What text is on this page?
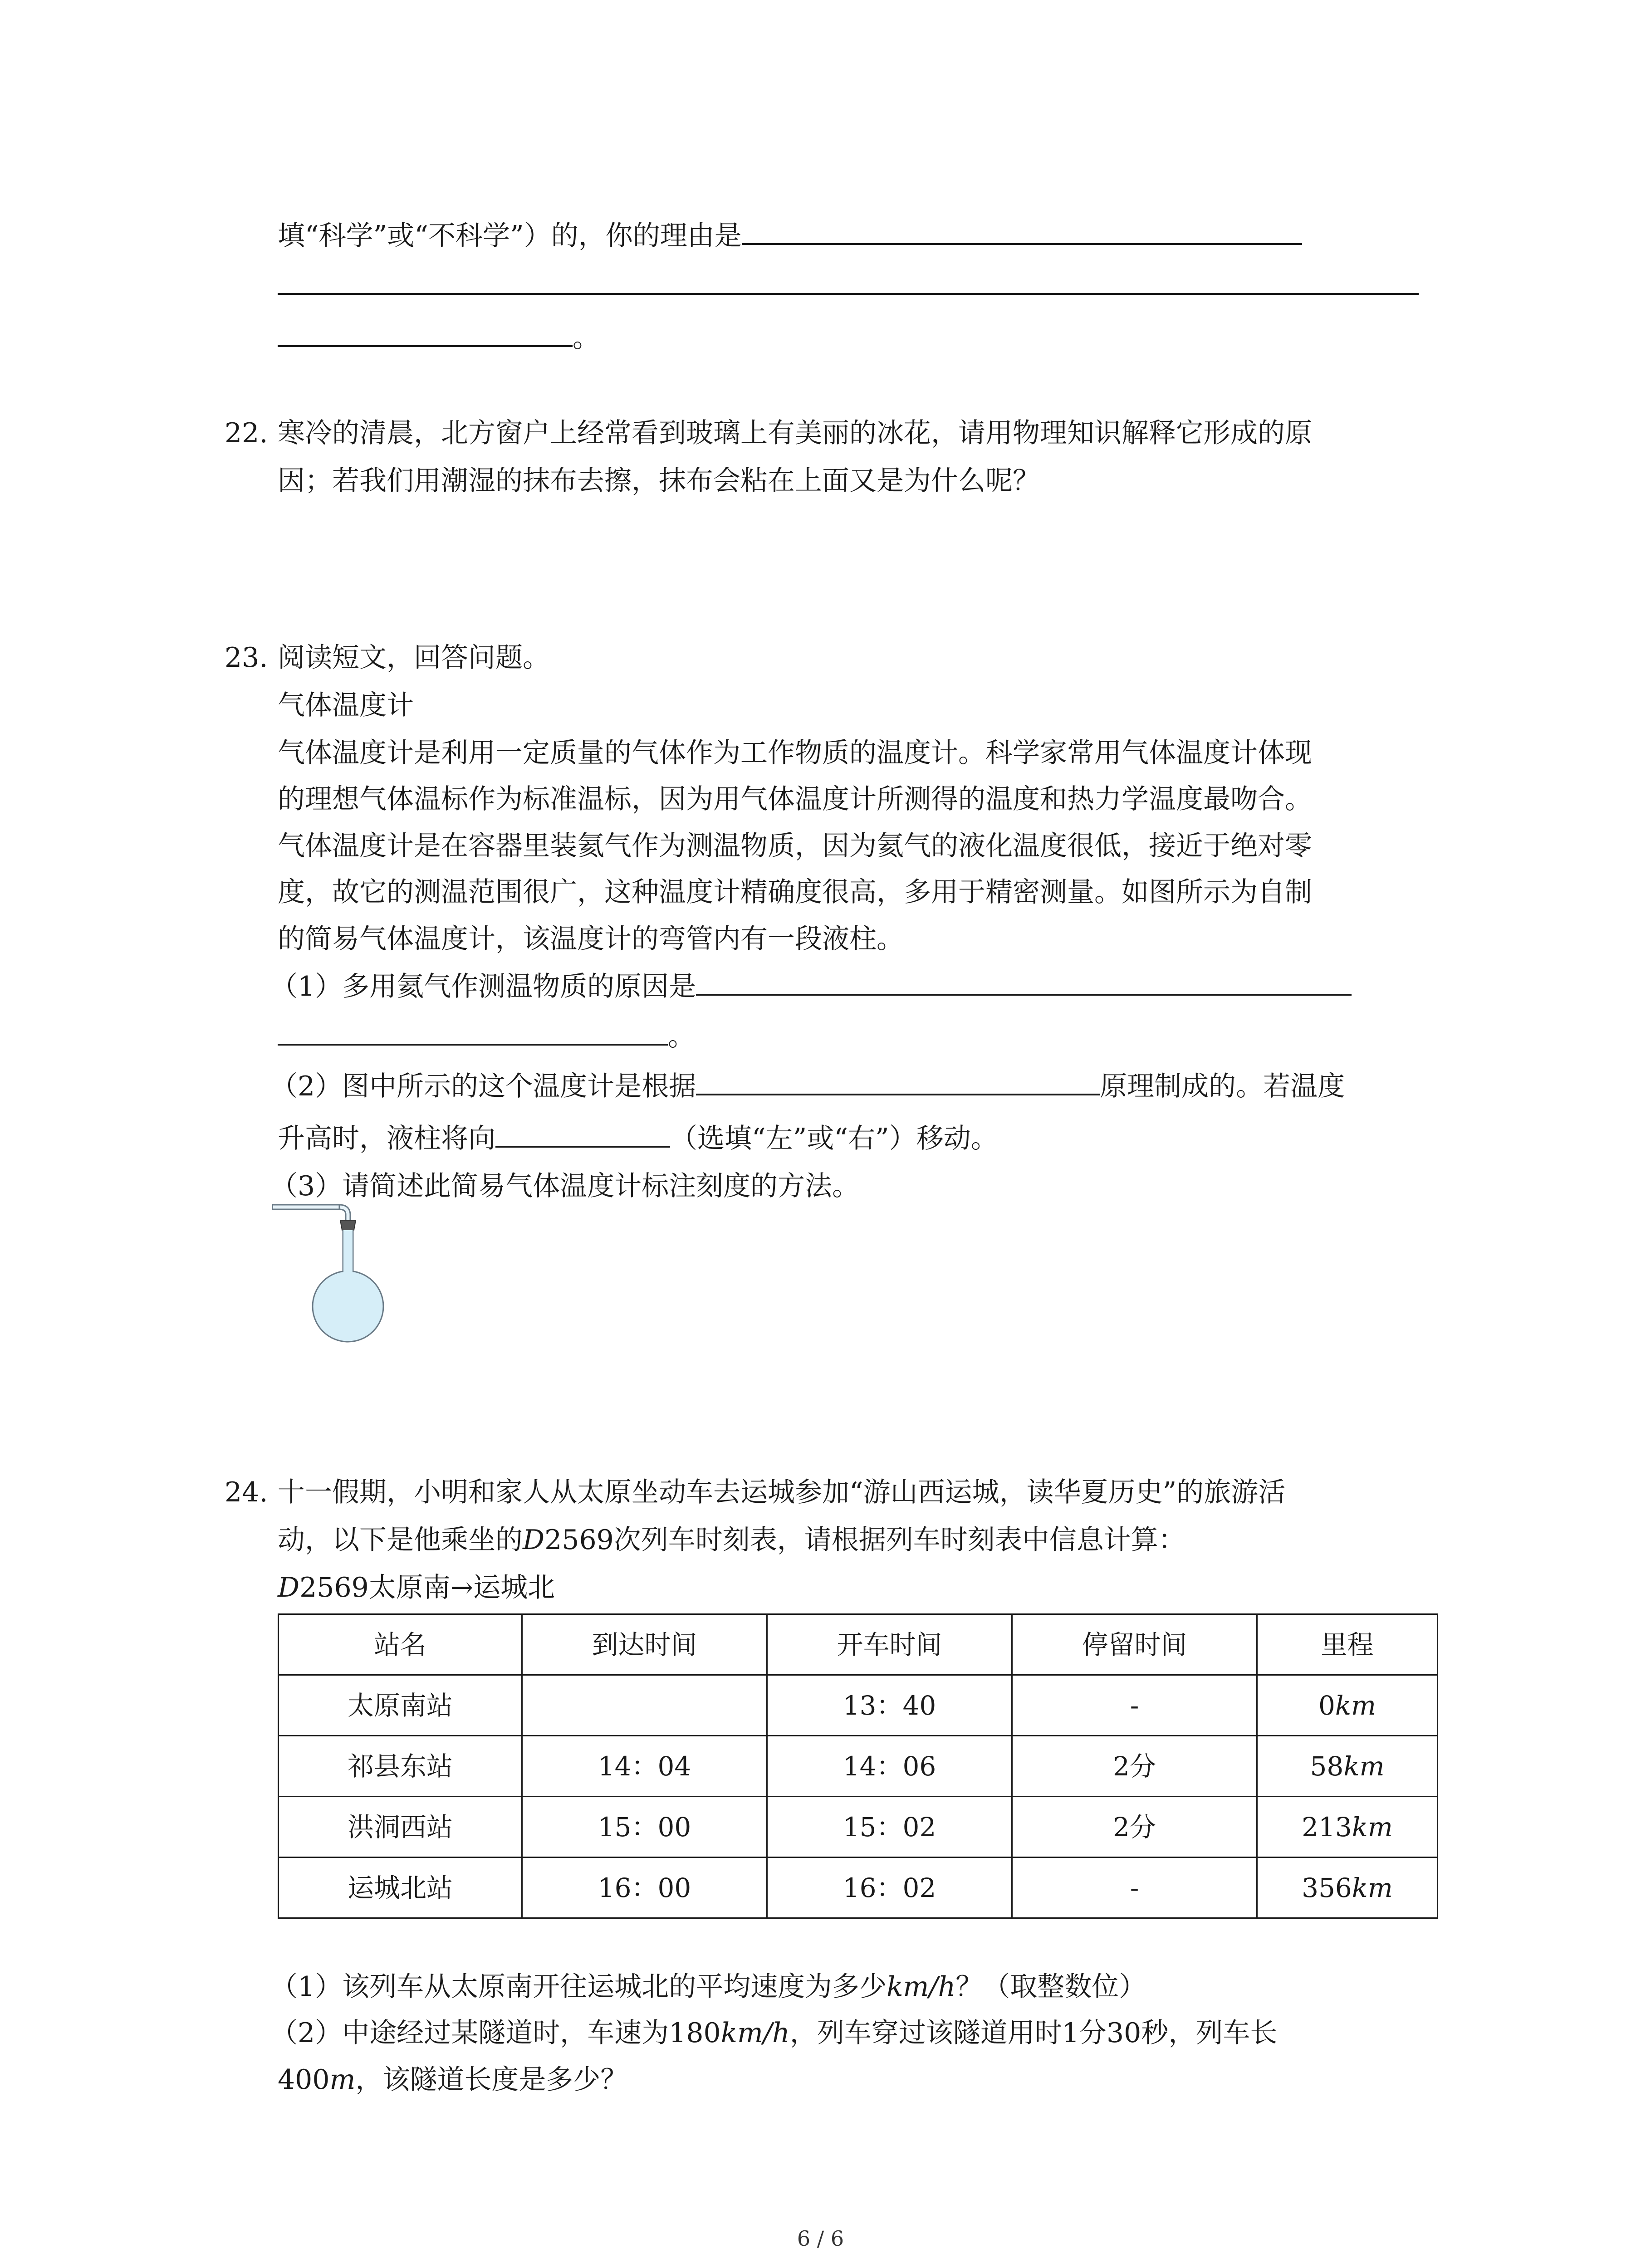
填“科学”或“不科学”）的，你的理由是
。
22. 寒冷的清晨，北方窗户上经常看到玻璃上有美丽的冰花，请用物理知识解释它形成的原
因；若我们用潮湿的抹布去擦，抹布会粘在上面又是为什么呢？
23. 阅读短文，回答问题。
气体温度计
气体温度计是利用一定质量的气体作为工作物质的温度计。科学家常用气体温度计体现
的理想气体温标作为标准温标，因为用气体温度计所测得的温度和热力学温度最吻合。
气体温度计是在容器里装氦气作为测温物质，因为氦气的液化温度很低，接近于绝对零
度，故它的测温范围很广，这种温度计精确度很高，多用于精密测量。如图所示为自制
的简易气体温度计，该温度计的弯管内有一段液柱。
（1）多用氦气作测温物质的原因是
。
（2）图中所示的这个温度计是根据	原理制成的。若温度
升高时，液柱将向	（选填“左”或“右”）移动。
（3）请简述此简易气体温度计标注刻度的方法。
24. 十一假期，小明和家人从太原坐动车去运城参加“游山西运城，读华夏历史”的旅游活
动，以下是他乘坐的D2569次列车时刻表，请根据列车时刻表中信息计算：
D2569太原南→运城北
站名	到达时间	开车时间	停留时间	里程
太原南站		13：40	-	0km
祁县东站	14：04	14：06	2分	58km
洪洞西站	15：00	15：02	2分	213km
运城北站	16：00	16：02	-	356km
（1）该列车从太原南开往运城北的平均速度为多少km/h？（取整数位）
（2）中途经过某隧道时，车速为180km/h，列车穿过该隧道用时1分30秒，列车长
400m，该隧道长度是多少？
6 / 6
